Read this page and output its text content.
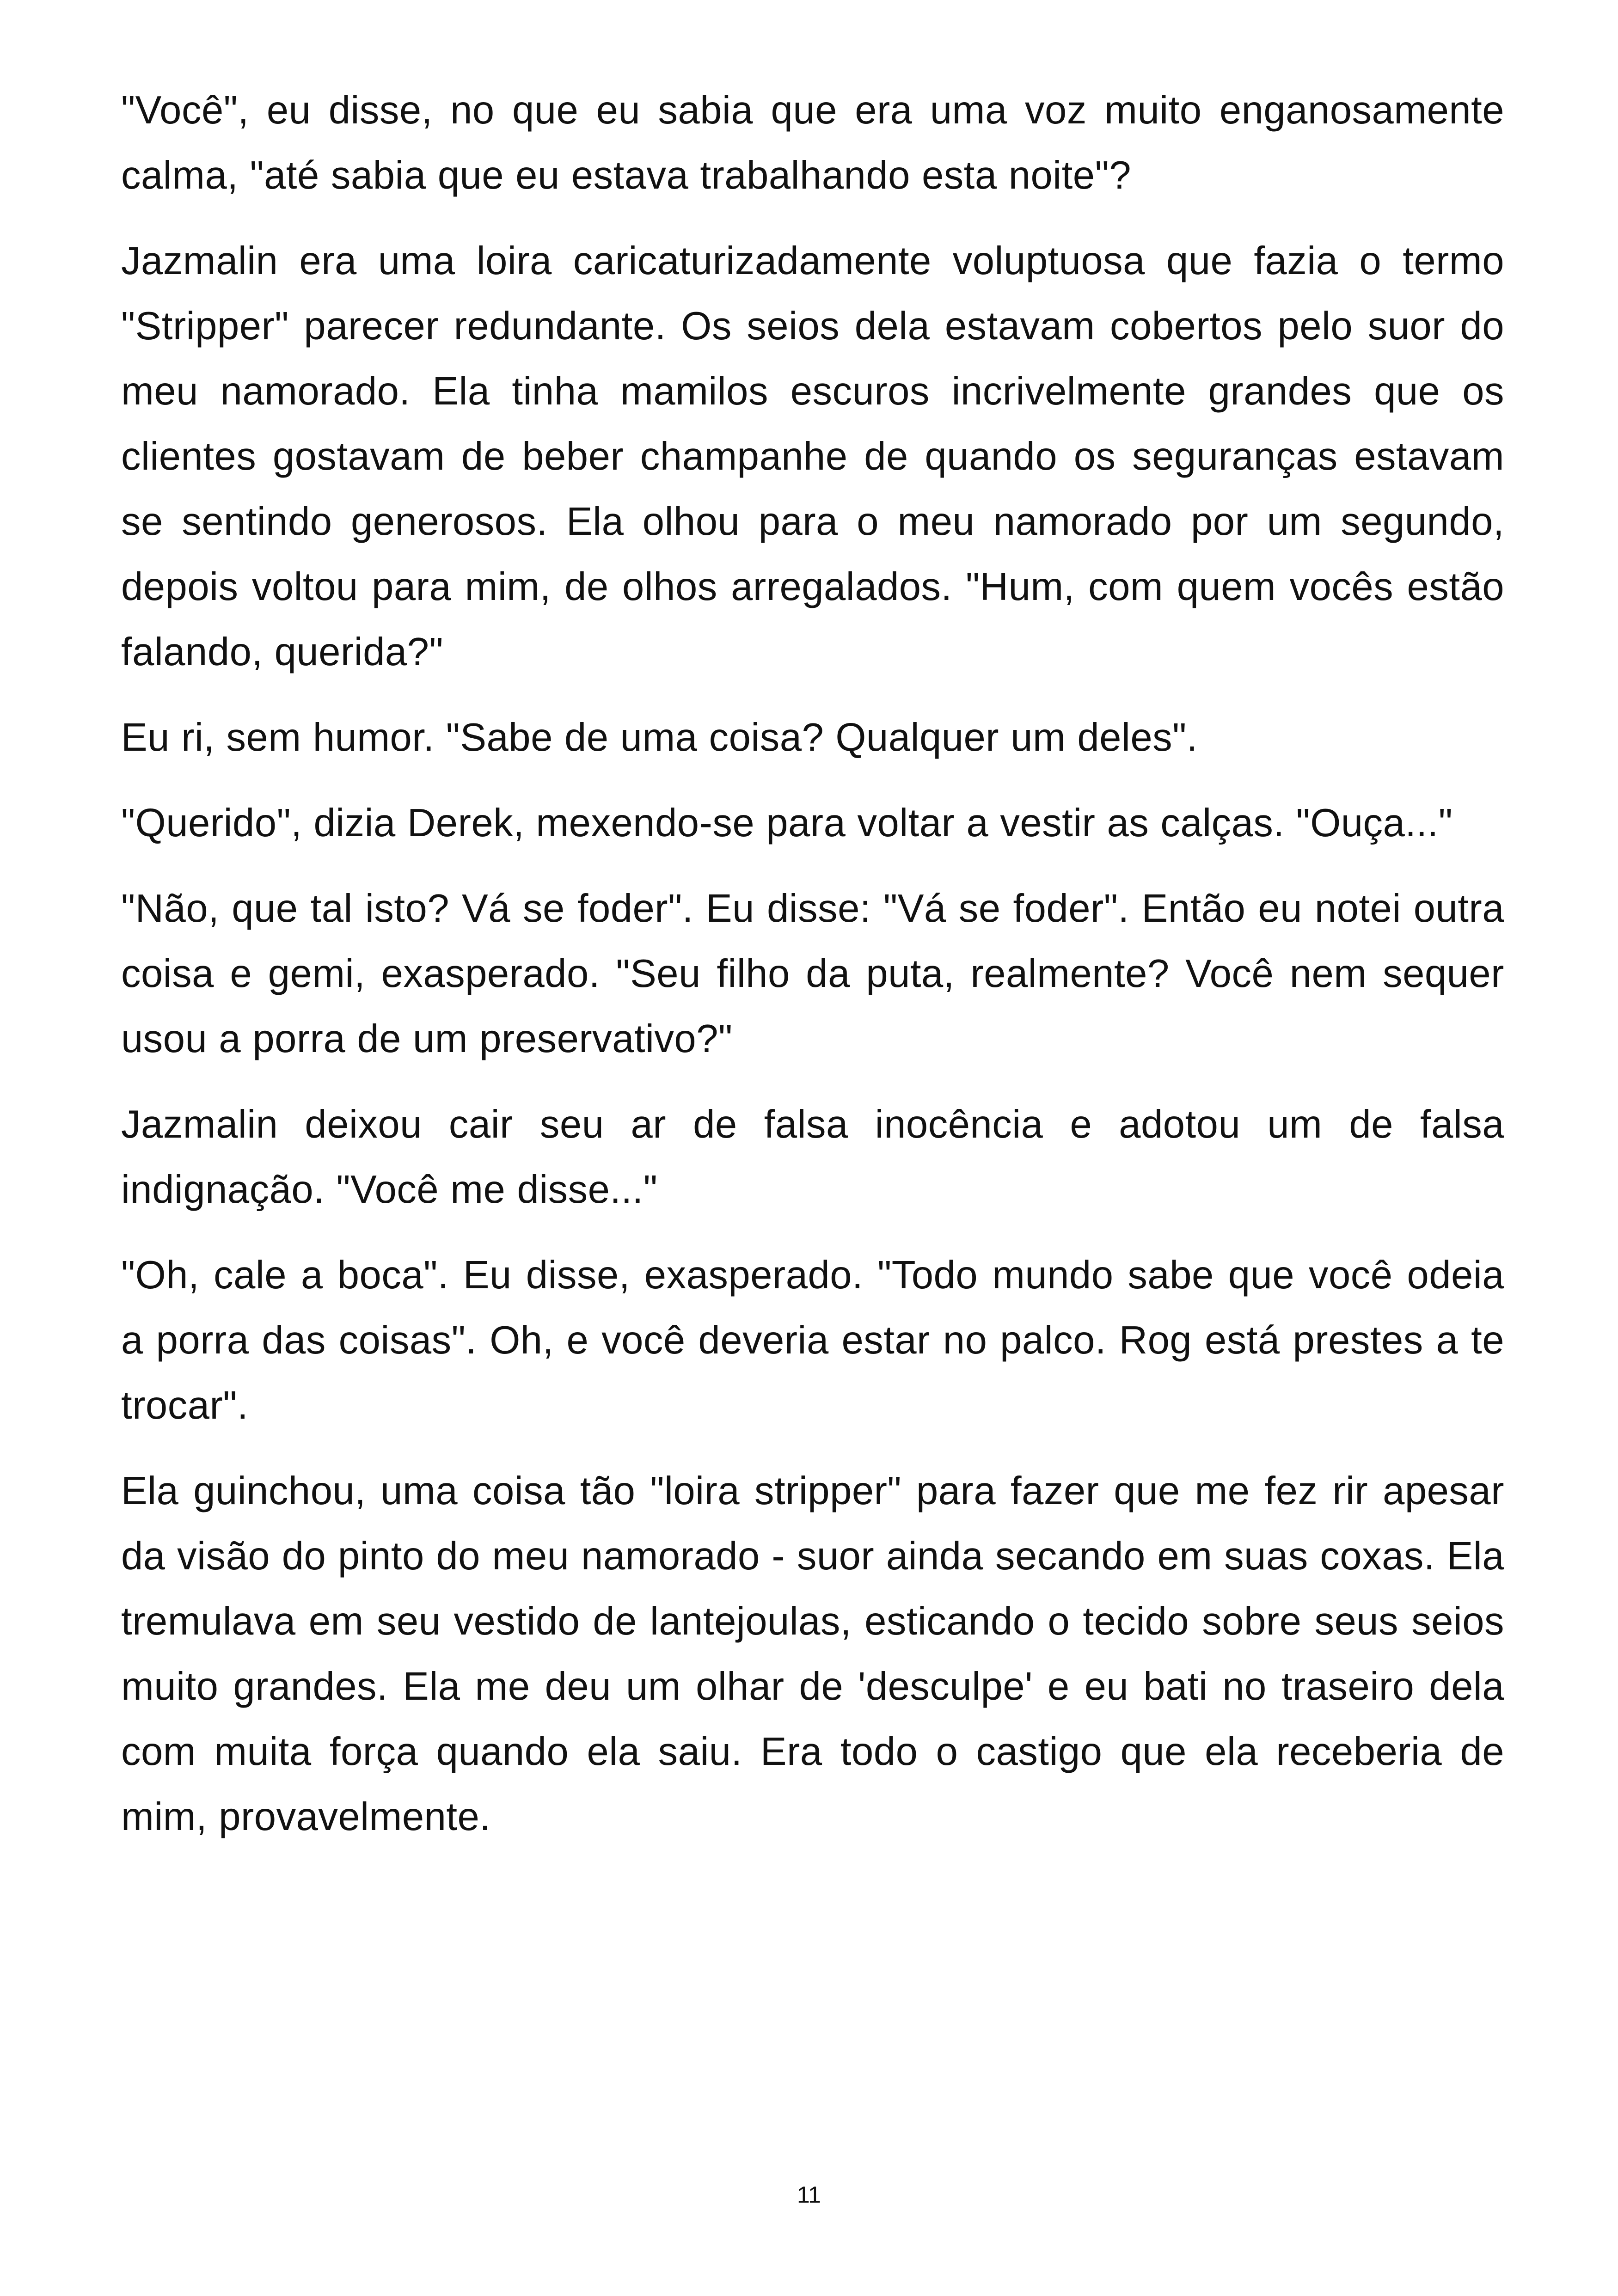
"Você", eu disse, no que eu sabia que era uma voz muito enganosamente calma, "até sabia que eu estava trabalhando esta noite"?

Jazmalin era uma loira caricaturizadamente voluptuosa que fazia o termo "Stripper" parecer redundante. Os seios dela estavam cobertos pelo suor do meu namorado. Ela tinha mamilos escuros incrivelmente grandes que os clientes gostavam de beber champanhe de quando os seguranças estavam se sentindo generosos. Ela olhou para o meu namorado por um segundo, depois voltou para mim, de olhos arregalados. "Hum, com quem vocês estão falando, querida?"

Eu ri, sem humor. "Sabe de uma coisa? Qualquer um deles".

"Querido", dizia Derek, mexendo-se para voltar a vestir as calças. "Ouça..."

"Não, que tal isto? Vá se foder". Eu disse: "Vá se foder". Então eu notei outra coisa e gemi, exasperado. "Seu filho da puta, realmente? Você nem sequer usou a porra de um preservativo?"

Jazmalin deixou cair seu ar de falsa inocência e adotou um de falsa indignação. "Você me disse..."

"Oh, cale a boca". Eu disse, exasperado. "Todo mundo sabe que você odeia a porra das coisas". Oh, e você deveria estar no palco. Rog está prestes a te trocar".

Ela guinchou, uma coisa tão "loira stripper" para fazer que me fez rir apesar da visão do pinto do meu namorado - suor ainda secando em suas coxas. Ela tremulava em seu vestido de lantejoulas, esticando o tecido sobre seus seios muito grandes. Ela me deu um olhar de 'desculpe' e eu bati no traseiro dela com muita força quando ela saiu. Era todo o castigo que ela receberia de mim, provavelmente.

11
